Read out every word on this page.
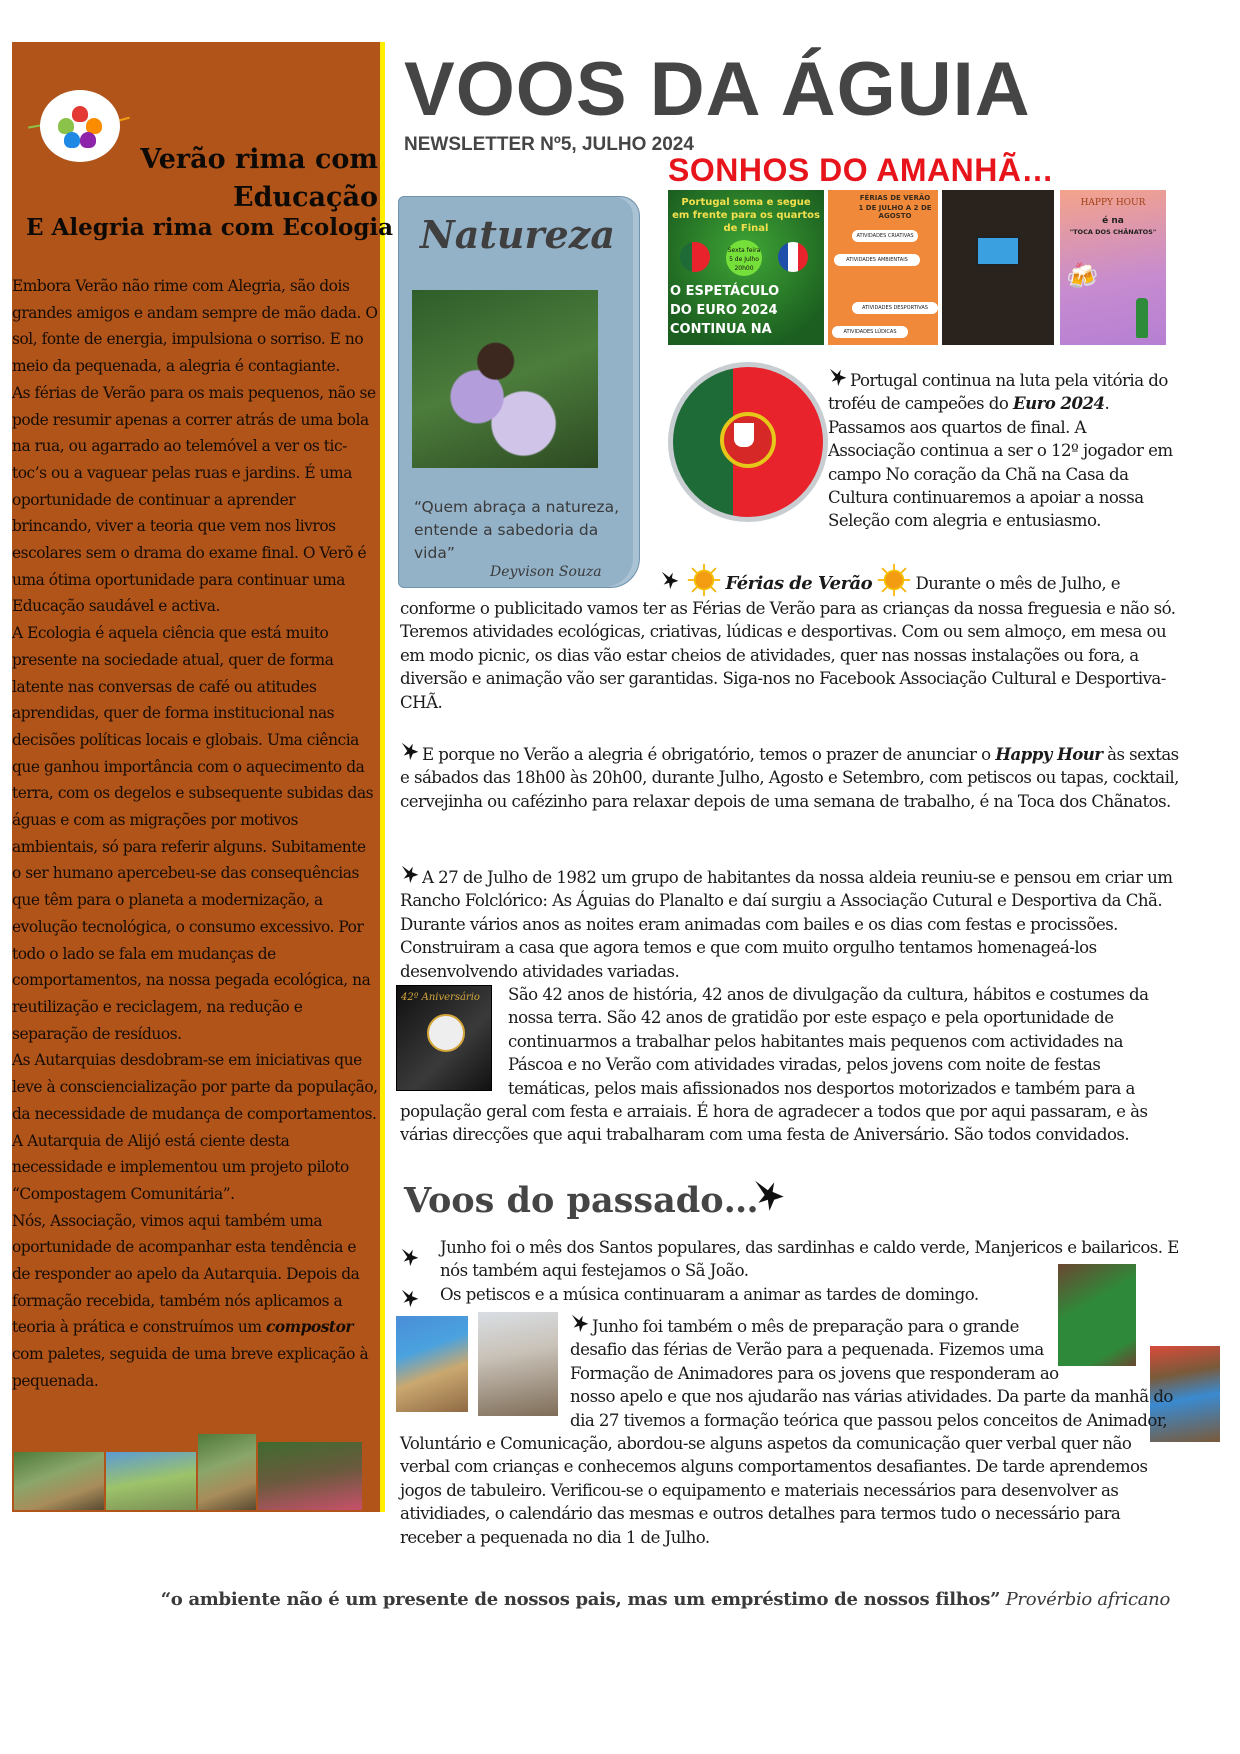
Verão rima com
Educação
E Alegria rima com Ecologia

Embora Verão não rime com Alegria, são dois grandes amigos e andam sempre de mão dada. O sol, fonte de energia, impulsiona o sorriso. E no meio da pequenada, a alegria é contagiante.

As férias de Verão para os mais pequenos, não se pode resumir apenas a correr atrás de uma bola na rua, ou agarrado ao telemóvel a ver os tic-toc’s ou a vaguear pelas ruas e jardins. É uma oportunidade de continuar a aprender brincando, viver a teoria que vem nos livros escolares sem o drama do exame final. O Verõ é uma ótima oportunidade para continuar uma Educação saudável e activa.

A Ecologia é aquela ciência que está muito presente na sociedade atual, quer de forma latente nas conversas de café ou atitudes aprendidas, quer de forma institucional nas decisões políticas locais e globais. Uma ciência que ganhou importância com o aquecimento da terra, com os degelos e subsequente subidas das águas e com as migrações por motivos ambientais, só para referir alguns. Subitamente o ser humano apercebeu-se das consequências que têm para o planeta a modernização, a evolução tecnológica, o consumo excessivo. Por todo o lado se fala em mudanças de comportamentos, na nossa pegada ecológica, na reutilização e reciclagem, na redução e separação de resíduos.

As Autarquias desdobram-se em iniciativas que leve à consciencialização por parte da população, da necessidade de mudança de comportamentos.

A Autarquia de Alijó está ciente desta necessidade e implementou um projeto piloto “Compostagem Comunitária”.

Nós, Associação, vimos aqui também uma oportunidade de acompanhar esta tendência e de responder ao apelo da Autarquia. Depois da formação recebida, também nós aplicamos a teoria à prática e construímos um compostor com paletes, seguida de uma breve explicação à pequenada.

VOOS DA ÁGUIA
NEWSLETTER Nº5, JULHO 2024
SONHOS DO AMANHÃ…
Natureza
“Quem abraça a natureza, entende a sabedoria da vida”
Deyvison Souza
Portugal soma e segue em frente para os quartos de Final
Sexta feira 5 de Julho 20h00
O ESPETÁCULO DO EURO 2024 CONTINUA NA
FÉRIAS DE VERÃO
1 DE JULHO A 2 DE AGOSTO
ATIVIDADES CRIATIVAS
ATIVIDADES AMBIENTAIS
ATIVIDADES DESPORTIVAS
ATIVIDADES LÚDICAS
HAPPY HOUR
é na
"TOCA DOS CHÃNATOS"
🍻
Portugal continua na luta pela vitória do troféu de campeões do Euro 2024. Passamos aos quartos de final. A Associação continua a ser o 12º jogador em campo No coração da Chã na Casa da Cultura continuaremos a apoiar a nossa Seleção com alegria e entusiasmo.
Férias de Verão  Durante o mês de Julho, e conforme o publicitado vamos ter as Férias de Verão para as crianças da nossa freguesia e não só. Teremos atividades ecológicas, criativas, lúdicas e desportivas. Com ou sem almoço, em mesa ou em modo picnic, os dias vão estar cheios de atividades, quer nas nossas instalações ou fora, a diversão e animação vão ser garantidas. Siga-nos no Facebook Associação Cultural e Desportiva-CHÃ.
E porque no Verão a alegria é obrigatório, temos o prazer de anunciar o Happy Hour às sextas e sábados das 18h00 às 20h00, durante Julho, Agosto e Setembro, com petiscos ou tapas, cocktail, cervejinha ou cafézinho para relaxar depois de uma semana de trabalho, é na Toca dos Chãnatos.
A 27 de Julho de 1982 um grupo de habitantes da nossa aldeia reuniu-se e pensou em criar um Rancho Folclórico: As Águias do Planalto e daí surgiu a Associação Cutural e Desportiva da Chã. Durante vários anos as noites eram animadas com bailes e os dias com festas e procissões. Construiram a casa que agora temos e que com muito orgulho tentamos homenageá-los desenvolvendo atividades variadas.
42º Aniversário	São 42 anos de história, 42 anos de divulgação da cultura, hábitos e costumes da nossa terra. São 42 anos de gratidão por este espaço e pela oportunidade de continuarmos a trabalhar pelos habitantes mais pequenos com actividades na Páscoa e no Verão com atividades viradas, pelos jovens com noite de festas temáticas, pelos mais afissionados nos desportos motorizados e também para a população geral com festa e arraiais. É hora de agradecer a todos que por aqui passaram, e às várias direcções que aqui trabalharam com uma festa de Aniversário. São todos convidados.
Voos do passado…
Junho foi o mês dos Santos populares, das sardinhas e caldo verde, Manjericos e bailaricos. E nós também aqui festejamos o Sã João.
Os petiscos e a música continuaram a animar as tardes de domingo.
Junho foi também o mês de preparação para o grande desafio das férias de Verão para a pequenada. Fizemos uma Formação de Animadores para os jovens que responderam ao nosso apelo e que nos ajudarão nas várias atividades. Da parte da manhã do dia 27 tivemos a formação teórica que passou pelos conceitos de Animador, Voluntário e Comunicação, abordou-se alguns aspetos da comunicação quer verbal quer não verbal com crianças e conhecemos alguns comportamentos desafiantes. De tarde aprendemos jogos de tabuleiro. Verificou-se o equipamento e materiais necessários para desenvolver as atividiades, o calendário das mesmas e outros detalhes para termos tudo o necessário para receber a pequenada no dia 1 de Julho.
“o ambiente não é um presente de nossos pais, mas um empréstimo de nossos filhos” Provérbio africano
